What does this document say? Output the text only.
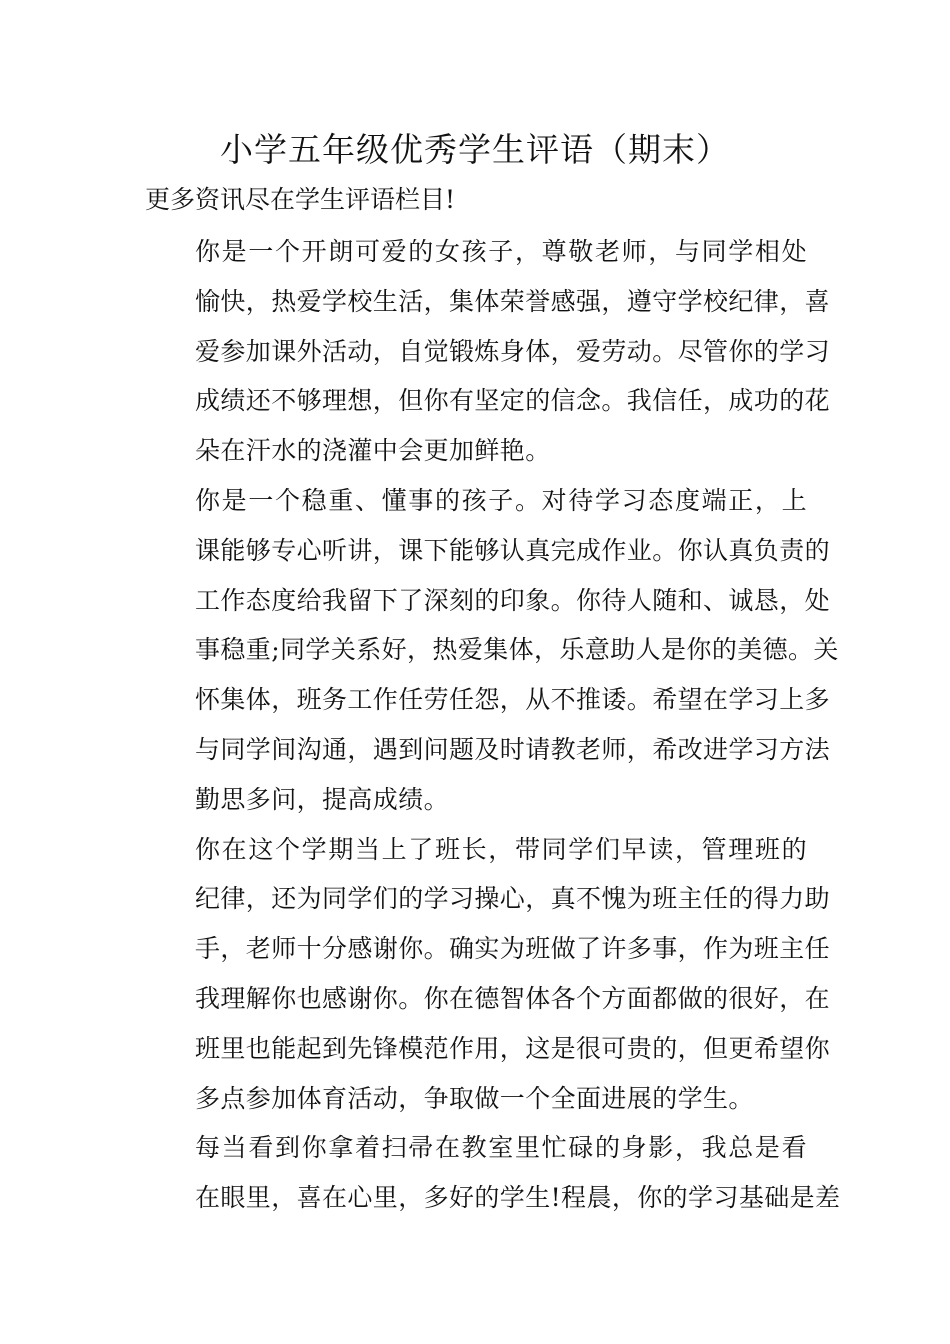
小学五年级优秀学生评语（期末）

更多资讯尽在学生评语栏目!

你是一个开朗可爱的女孩子，尊敬老师，与同学相处
愉快，热爱学校生活，集体荣誉感强，遵守学校纪律，喜
爱参加课外活动，自觉锻炼身体，爱劳动。尽管你的学习
成绩还不够理想，但你有坚定的信念。我信任，成功的花
朵在汗水的浇灌中会更加鲜艳。

你是一个稳重、懂事的孩子。对待学习态度端正，上
课能够专心听讲，课下能够认真完成作业。你认真负责的
工作态度给我留下了深刻的印象。你待人随和、诚恳，处
事稳重;同学关系好，热爱集体，乐意助人是你的美德。关
怀集体，班务工作任劳任怨，从不推诿。希望在学习上多
与同学间沟通，遇到问题及时请教老师，希改进学习方法
勤思多问，提高成绩。

你在这个学期当上了班长，带同学们早读，管理班的
纪律，还为同学们的学习操心，真不愧为班主任的得力助
手，老师十分感谢你。确实为班做了许多事，作为班主任
我理解你也感谢你。你在德智体各个方面都做的很好，在
班里也能起到先锋模范作用，这是很可贵的，但更希望你
多点参加体育活动，争取做一个全面进展的学生。

每当看到你拿着扫帚在教室里忙碌的身影，我总是看
在眼里，喜在心里，多好的学生!程晨，你的学习基础是差
